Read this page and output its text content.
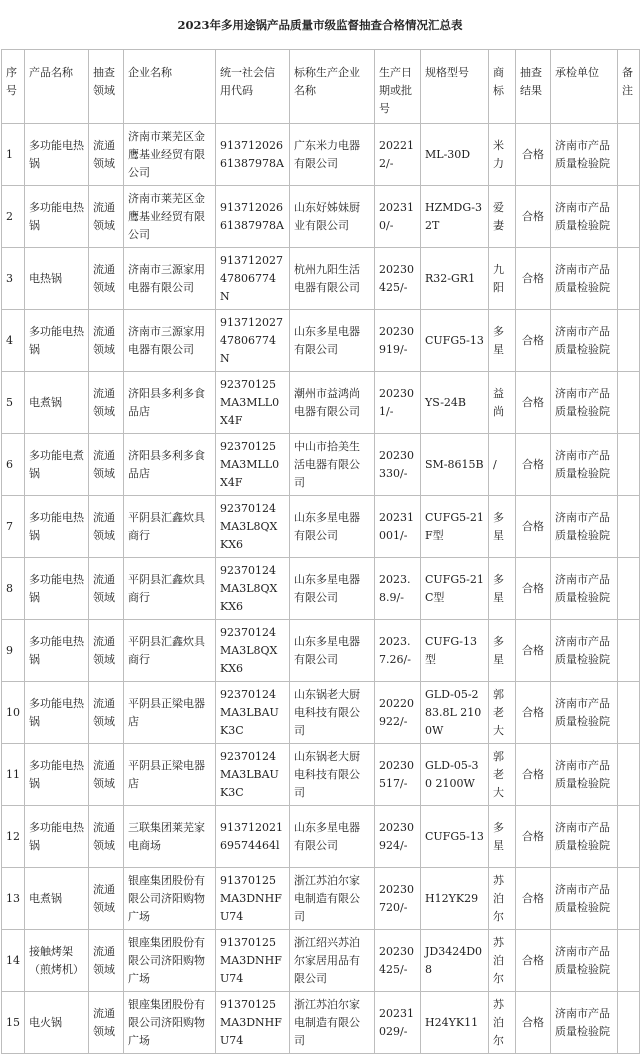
2023年多用途锅产品质量市级监督抽查合格情况汇总表
序号	产品名称	抽查领域	企业名称	统一社会信用代码	标称生产企业名称	生产日期或批号	规格型号	商标	抽查结果	承检单位	备注
1	多功能电热锅	流通领域	济南市莱芜区金鹰基业经贸有限公司	91371202661387978A	广东米力电器有限公司	202212/-	ML-30D	米力	合格	济南市产品质量检验院	
2	多功能电热锅	流通领域	济南市莱芜区金鹰基业经贸有限公司	91371202661387978A	山东好姊妹厨业有限公司	202310/-	HZMDG-32T	爱妻	合格	济南市产品质量检验院	
3	电热锅	流通领域	济南市三源家用电器有限公司	91371202747806774N	杭州九阳生活电器有限公司	20230425/-	R32-GR1	九阳	合格	济南市产品质量检验院	
4	多功能电热锅	流通领域	济南市三源家用电器有限公司	91371202747806774N	山东多星电器有限公司	20230919/-	CUFG5-13	多星	合格	济南市产品质量检验院	
5	电煮锅	流通领域	济阳县多利多食品店	92370125MA3MLL0X4F	潮州市益鸿尚电器有限公司	202301/-	YS-24B	益尚	合格	济南市产品质量检验院	
6	多功能电煮锅	流通领域	济阳县多利多食品店	92370125MA3MLL0X4F	中山市拾美生活电器有限公司	20230330/-	SM-8615B	/	合格	济南市产品质量检验院	
7	多功能电热锅	流通领域	平阴县汇鑫炊具商行	92370124MA3L8QXKX6	山东多星电器有限公司	20231001/-	CUFG5-21F型	多星	合格	济南市产品质量检验院	
8	多功能电热锅	流通领域	平阴县汇鑫炊具商行	92370124MA3L8QXKX6	山东多星电器有限公司	2023.8.9/-	CUFG5-21C型	多星	合格	济南市产品质量检验院	
9	多功能电热锅	流通领域	平阴县汇鑫炊具商行	92370124MA3L8QXKX6	山东多星电器有限公司	2023.7.26/-	CUFG-13型	多星	合格	济南市产品质量检验院	
10	多功能电热锅	流通领域	平阴县正梁电器店	92370124MA3LBAUK3C	山东锅老大厨电科技有限公司	20220922/-	GLD-05-283.8L 2100W	郭老大	合格	济南市产品质量检验院	
11	多功能电热锅	流通领域	平阴县正梁电器店	92370124MA3LBAUK3C	山东锅老大厨电科技有限公司	20230517/-	GLD-05-30 2100W	郭老大	合格	济南市产品质量检验院	
12	多功能电热锅	流通领域	三联集团莱芜家电商场	91371202169574464l	山东多星电器有限公司	20230924/-	CUFG5-13	多星	合格	济南市产品质量检验院	
13	电煮锅	流通领域	银座集团股份有限公司济阳购物广场	91370125MA3DNHFU74	浙江苏泊尔家电制造有限公司	20230720/-	H12YK29	苏泊尔	合格	济南市产品质量检验院	
14	接触烤架（煎烤机）	流通领域	银座集团股份有限公司济阳购物广场	91370125MA3DNHFU74	浙江绍兴苏泊尔家居用品有限公司	20230425/-	JD3424D08	苏泊尔	合格	济南市产品质量检验院	
15	电火锅	流通领域	银座集团股份有限公司济阳购物广场	91370125MA3DNHFU74	浙江苏泊尔家电制造有限公司	20231029/-	H24YK11	苏泊尔	合格	济南市产品质量检验院	
